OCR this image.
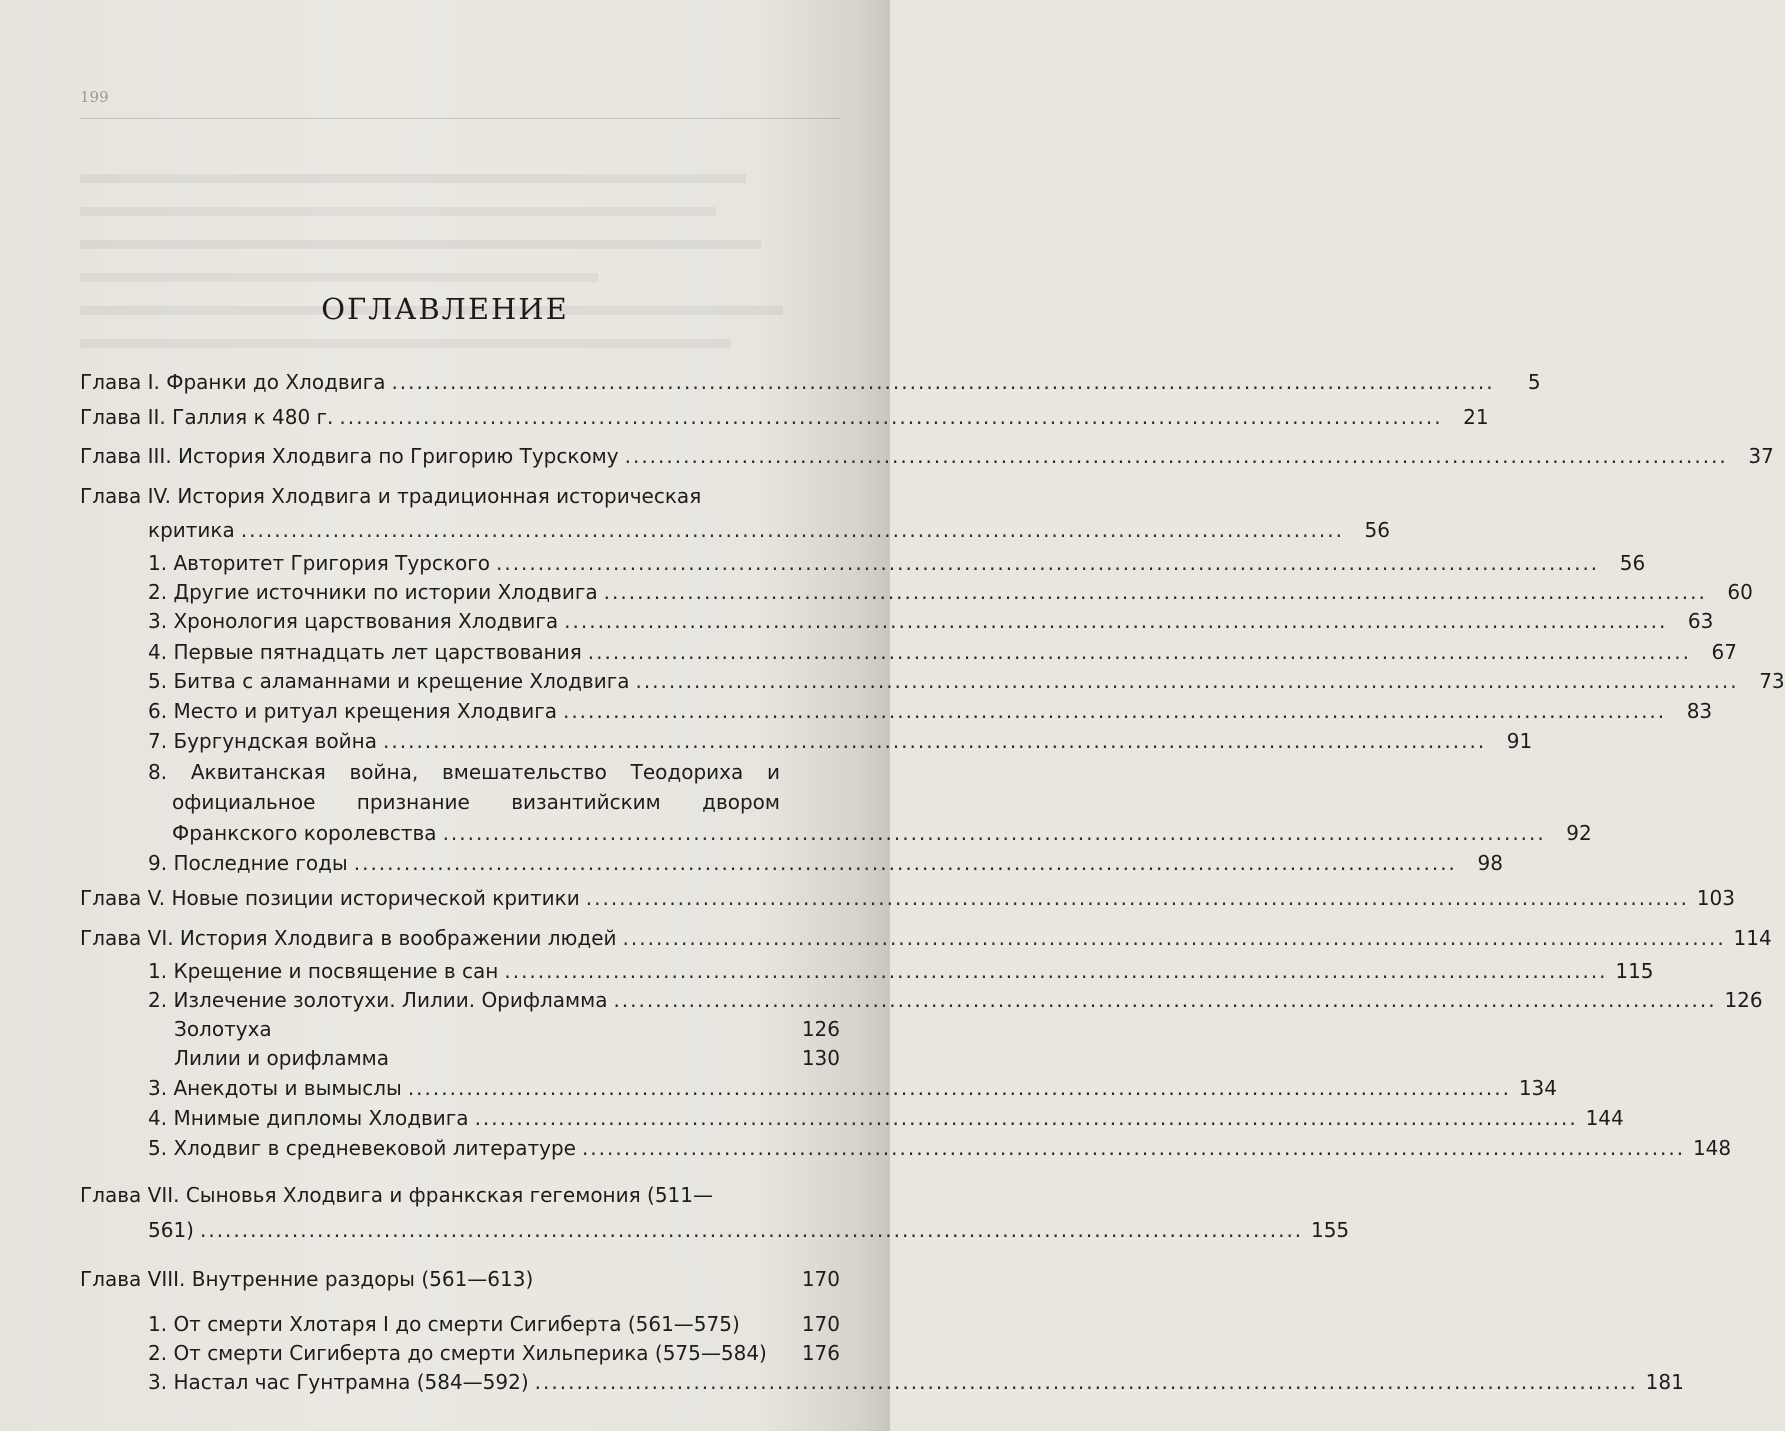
199
ОГЛАВЛЕНИЕ
Глава I. Франки до Хлодвига ....................................................................................................................................	5
Глава II. Галлия к 480 г. ....................................................................................................................................	21
Глава III. История Хлодвига по Григорию Турскому ....................................................................................................................................	37
Глава IV. История Хлодвига и традиционная историческая
критика ....................................................................................................................................	56
1. Авторитет Григория Турского ....................................................................................................................................	56
2. Другие источники по истории Хлодвига ....................................................................................................................................	60
3. Хронология царствования Хлодвига ....................................................................................................................................	63
4. Первые пятнадцать лет царствования ....................................................................................................................................	67
5. Битва с аламаннами и крещение Хлодвига ....................................................................................................................................	73
6. Место и ритуал крещения Хлодвига ....................................................................................................................................	83
7. Бургундская война ....................................................................................................................................	91
8. Аквитанская война, вмешательство Теодориха и
официальное признание византийским двором
Франкского королевства ....................................................................................................................................	92
9. Последние годы ....................................................................................................................................	98
Глава V. Новые позиции исторической критики .................................................................................................................................... 103
Глава VI. История Хлодвига в воображении людей .................................................................................................................................... 114
1. Крещение и посвящение в сан .................................................................................................................................... 115
2. Излечение золотухи. Лилии. Орифламма .................................................................................................................................... 126
Золотуха	126
Лилии и орифламма	130
3. Анекдоты и вымыслы .................................................................................................................................... 134
4. Мнимые дипломы Хлодвига .................................................................................................................................... 144
5. Хлодвиг в средневековой литературе .................................................................................................................................... 148
Глава VII. Сыновья Хлодвига и франкская гегемония (511—
561) .................................................................................................................................... 155
Глава VIII. Внутренние раздоры (561—613)	170
1. От смерти Хлотаря I до смерти Сигиберта (561—575)	170
2. От смерти Сигиберта до смерти Хильперика (575—584) 176
3. Настал час Гунтрамна (584—592) .................................................................................................................................... 181
